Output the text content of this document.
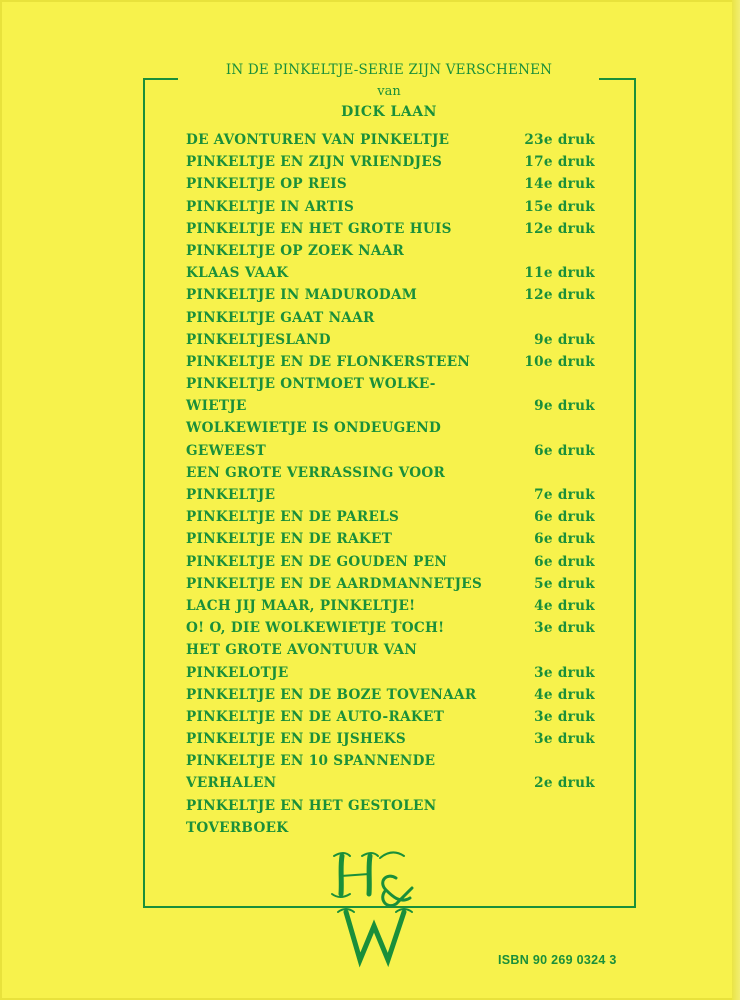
IN DE PINKELTJE-SERIE ZIJN VERSCHENEN
van
DICK LAAN
DE AVONTUREN VAN PINKELTJE	23e druk
PINKELTJE EN ZIJN VRIENDJES	17e druk
PINKELTJE OP REIS	14e druk
PINKELTJE IN ARTIS	15e druk
PINKELTJE EN HET GROTE HUIS	12e druk
PINKELTJE OP ZOEK NAAR
KLAAS VAAK	11e druk
PINKELTJE IN MADURODAM	12e druk
PINKELTJE GAAT NAAR
PINKELTJESLAND	9e druk
PINKELTJE EN DE FLONKERSTEEN	10e druk
PINKELTJE ONTMOET WOLKE-
WIETJE	9e druk
WOLKEWIETJE IS ONDEUGEND
GEWEEST	6e druk
EEN GROTE VERRASSING VOOR
PINKELTJE	7e druk
PINKELTJE EN DE PARELS	6e druk
PINKELTJE EN DE RAKET	6e druk
PINKELTJE EN DE GOUDEN PEN	6e druk
PINKELTJE EN DE AARDMANNETJES	5e druk
LACH JIJ MAAR, PINKELTJE!	4e druk
O! O, DIE WOLKEWIETJE TOCH!	3e druk
HET GROTE AVONTUUR VAN
PINKELOTJE	3e druk
PINKELTJE EN DE BOZE TOVENAAR	4e druk
PINKELTJE EN DE AUTO-RAKET	3e druk
PINKELTJE EN DE IJSHEKS	3e druk
PINKELTJE EN 10 SPANNENDE
VERHALEN	2e druk
PINKELTJE EN HET GESTOLEN
TOVERBOEK
ISBN 90 269 0324 3
